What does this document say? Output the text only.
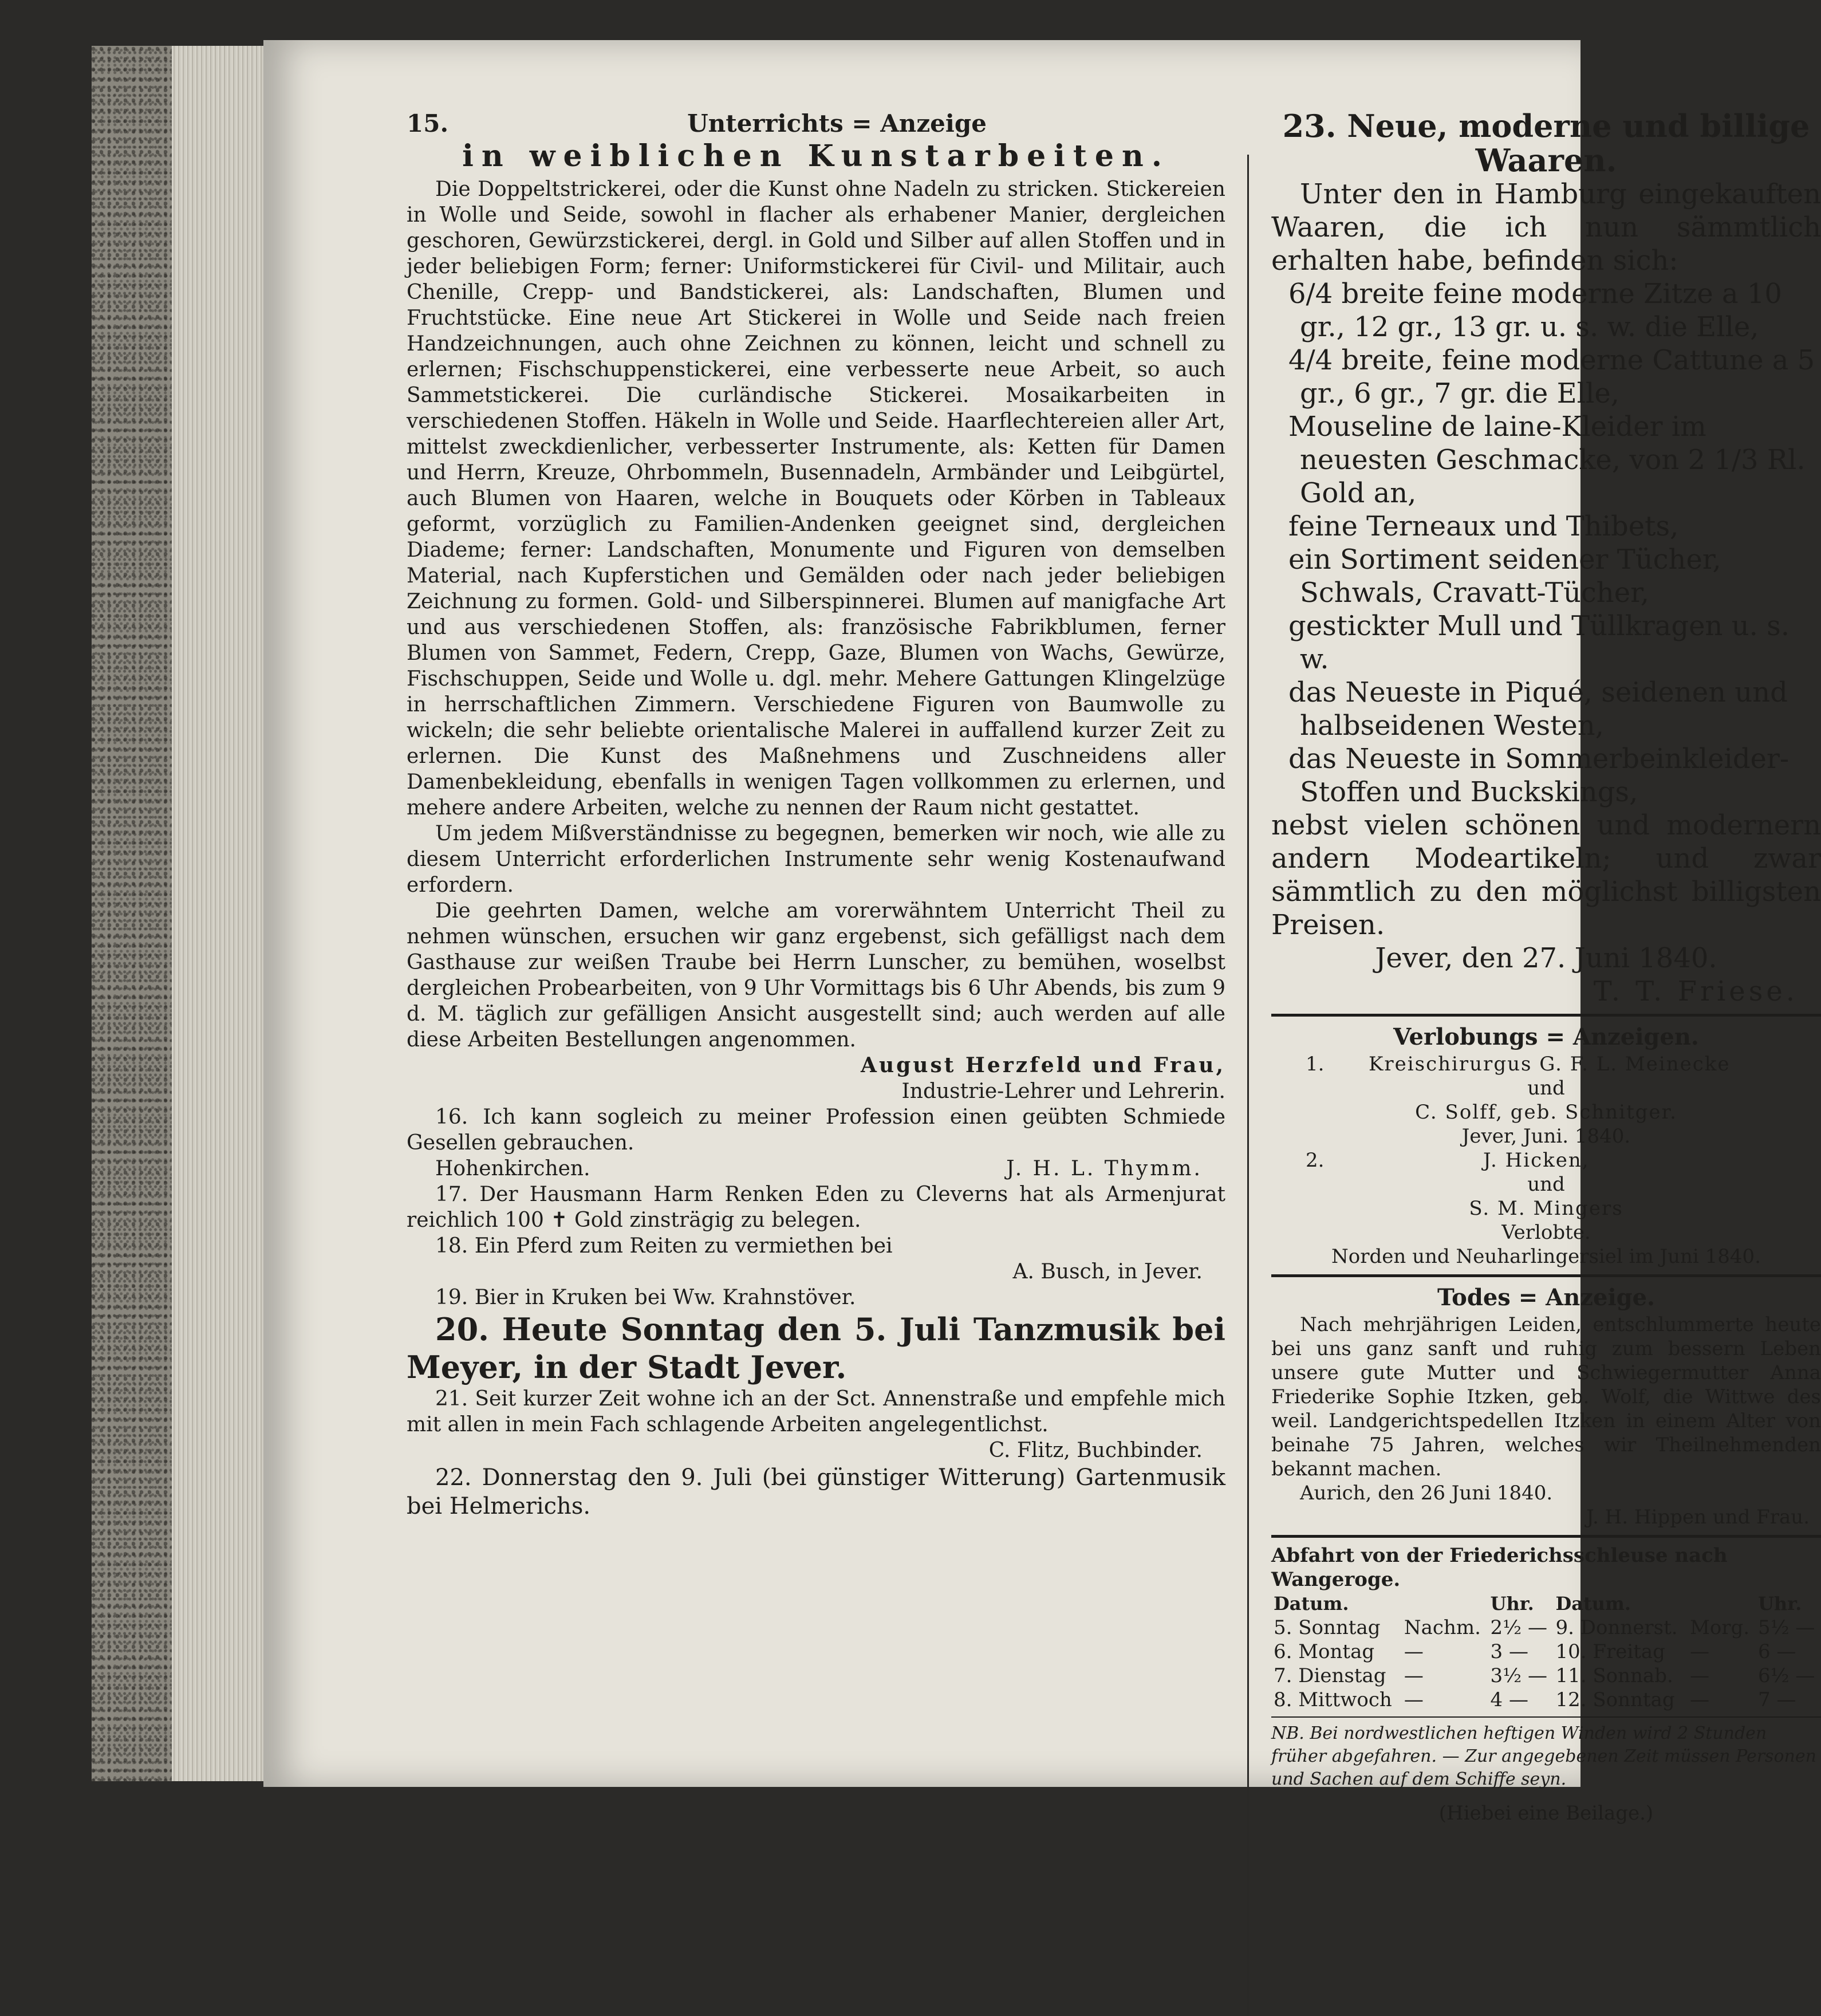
15.	Unterrichts = Anzeige

in weiblichen Kunstarbeiten.

Die Doppeltstrickerei, oder die Kunst ohne Nadeln zu stricken. Stickereien in Wolle und Seide, sowohl in flacher als erhabener Manier, dergleichen geschoren, Gewürzstickerei, dergl. in Gold und Silber auf allen Stoffen und in jeder beliebigen Form; ferner: Uniformstickerei für Civil- und Militair, auch Chenille, Crepp- und Bandstickerei, als: Landschaften, Blumen und Fruchtstücke. Eine neue Art Stickerei in Wolle und Seide nach freien Handzeichnungen, auch ohne Zeichnen zu können, leicht und schnell zu erlernen; Fischschuppenstickerei, eine verbesserte neue Arbeit, so auch Sammetstickerei. Die curländische Stickerei. Mosaikarbeiten in verschiedenen Stoffen. Häkeln in Wolle und Seide. Haarflechtereien aller Art, mittelst zweckdienlicher, verbesserter Instrumente, als: Ketten für Damen und Herrn, Kreuze, Ohrbommeln, Busennadeln, Armbänder und Leibgürtel, auch Blumen von Haaren, welche in Bouquets oder Körben in Tableaux geformt, vorzüglich zu Familien-Andenken geeignet sind, dergleichen Diademe; ferner: Landschaften, Monumente und Figuren von demselben Material, nach Kupferstichen und Gemälden oder nach jeder beliebigen Zeichnung zu formen. Gold- und Silberspinnerei. Blumen auf manigfache Art und aus verschiedenen Stoffen, als: französische Fabrikblumen, ferner Blumen von Sammet, Federn, Crepp, Gaze, Blumen von Wachs, Gewürze, Fischschuppen, Seide und Wolle u. dgl. mehr. Mehere Gattungen Klingelzüge in herrschaftlichen Zimmern. Verschiedene Figuren von Baumwolle zu wickeln; die sehr beliebte orientalische Malerei in auffallend kurzer Zeit zu erlernen. Die Kunst des Maßnehmens und Zuschneidens aller Damenbekleidung, ebenfalls in wenigen Tagen vollkommen zu erlernen, und mehere andere Arbeiten, welche zu nennen der Raum nicht gestattet.

Um jedem Mißverständnisse zu begegnen, bemerken wir noch, wie alle zu diesem Unterricht erforderlichen Instrumente sehr wenig Kostenaufwand erfordern.

Die geehrten Damen, welche am vorerwähntem Unterricht Theil zu nehmen wünschen, ersuchen wir ganz ergebenst, sich gefälligst nach dem Gasthause zur weißen Traube bei Herrn Lunscher, zu bemühen, woselbst dergleichen Probearbeiten, von 9 Uhr Vormittags bis 6 Uhr Abends, bis zum 9 d. M. täglich zur gefälligen Ansicht ausgestellt sind; auch werden auf alle diese Arbeiten Bestellungen angenommen.

August Herzfeld und Frau,

Industrie-Lehrer und Lehrerin.

16. Ich kann sogleich zu meiner Profession einen geübten Schmiede Gesellen gebrauchen.

Hohenkirchen.	J. H. L. Thymm.

17. Der Hausmann Harm Renken Eden zu Cleverns hat als Armenjurat reichlich 100 ✝ Gold zinsträgig zu belegen.

18. Ein Pferd zum Reiten zu vermiethen bei

A. Busch, in Jever.

19. Bier in Kruken bei Ww. Krahnstöver.

20. Heute Sonntag den 5. Juli Tanzmusik bei Meyer, in der Stadt Jever.

21. Seit kurzer Zeit wohne ich an der Sct. Annenstraße und empfehle mich mit allen in mein Fach schlagende Arbeiten angelegentlichst.

C. Flitz, Buchbinder.

22. Donnerstag den 9. Juli (bei günstiger Witterung) Gartenmusik bei Helmerichs.

23. Neue, moderne und billige Waaren.

Unter den in Hamburg eingekauften Waaren, die ich nun sämmtlich erhalten habe, befinden sich:

6/4 breite feine moderne Zitze a 10 gr., 12 gr., 13 gr. u. s. w. die Elle,

4/4 breite, feine moderne Cattune a 5 gr., 6 gr., 7 gr. die Elle,

Mouseline de laine-Kleider im neuesten Geschmacke, von 2 1/3 Rl. Gold an,

feine Terneaux und Thibets,

ein Sortiment seidener Tücher, Schwals, Cravatt-Tücher,

gestickter Mull und Tüllkragen u. s. w.

das Neueste in Piqué, seidenen und halbseidenen Westen,

das Neueste in Sommerbeinkleider-Stoffen und Buckskings,

nebst vielen schönen und modernern andern Modeartikeln; und zwar sämmtlich zu den möglichst billigsten Preisen.

Jever, den 27. Juni 1840.

T. T. Friese.

Verlobungs = Anzeigen.

1. Kreischirurgus G. F. L. Meinecke

und

C. Solff, geb. Schnitger.

Jever, Juni. 1840.

2.	J. Hicken,

und

S. M. Mingers

Verlobte.

Norden und Neuharlingersiel im Juni 1840.

Todes = Anzeige.

Nach mehrjährigen Leiden, entschlummerte heute bei uns ganz sanft und ruhig zum bessern Leben unsere gute Mutter und Schwiegermutter Anna Friederike Sophie Itzken, geb. Wolf, die Wittwe des weil. Landgerichtspedellen Itzken in einem Alter von beinahe 75 Jahren, welches wir Theilnehmenden bekannt machen.

Aurich, den 26 Juni 1840.

J. H. Hippen und Frau.

Abfahrt von der Friederichsschleuse nach Wangeroge.

Datum.		Uhr.	Datum.		Uhr.
5. Sonntag	Nachm.	2½ —	9. Donnerst.	Morg.	5½ —
6. Montag	—	3 —	10. Freitag	—	6 —
7. Dienstag	—	3½ —	11. Sonnab.	—	6½ —
8. Mittwoch	—	4 —	12. Sonntag	—	7 —

NB. Bei nordwestlichen heftigen Winden wird 2 Stunden früher abgefahren. — Zur angegebenen Zeit müssen Personen und Sachen auf dem Schiffe seyn.

(Hiebei eine Beilage.)
